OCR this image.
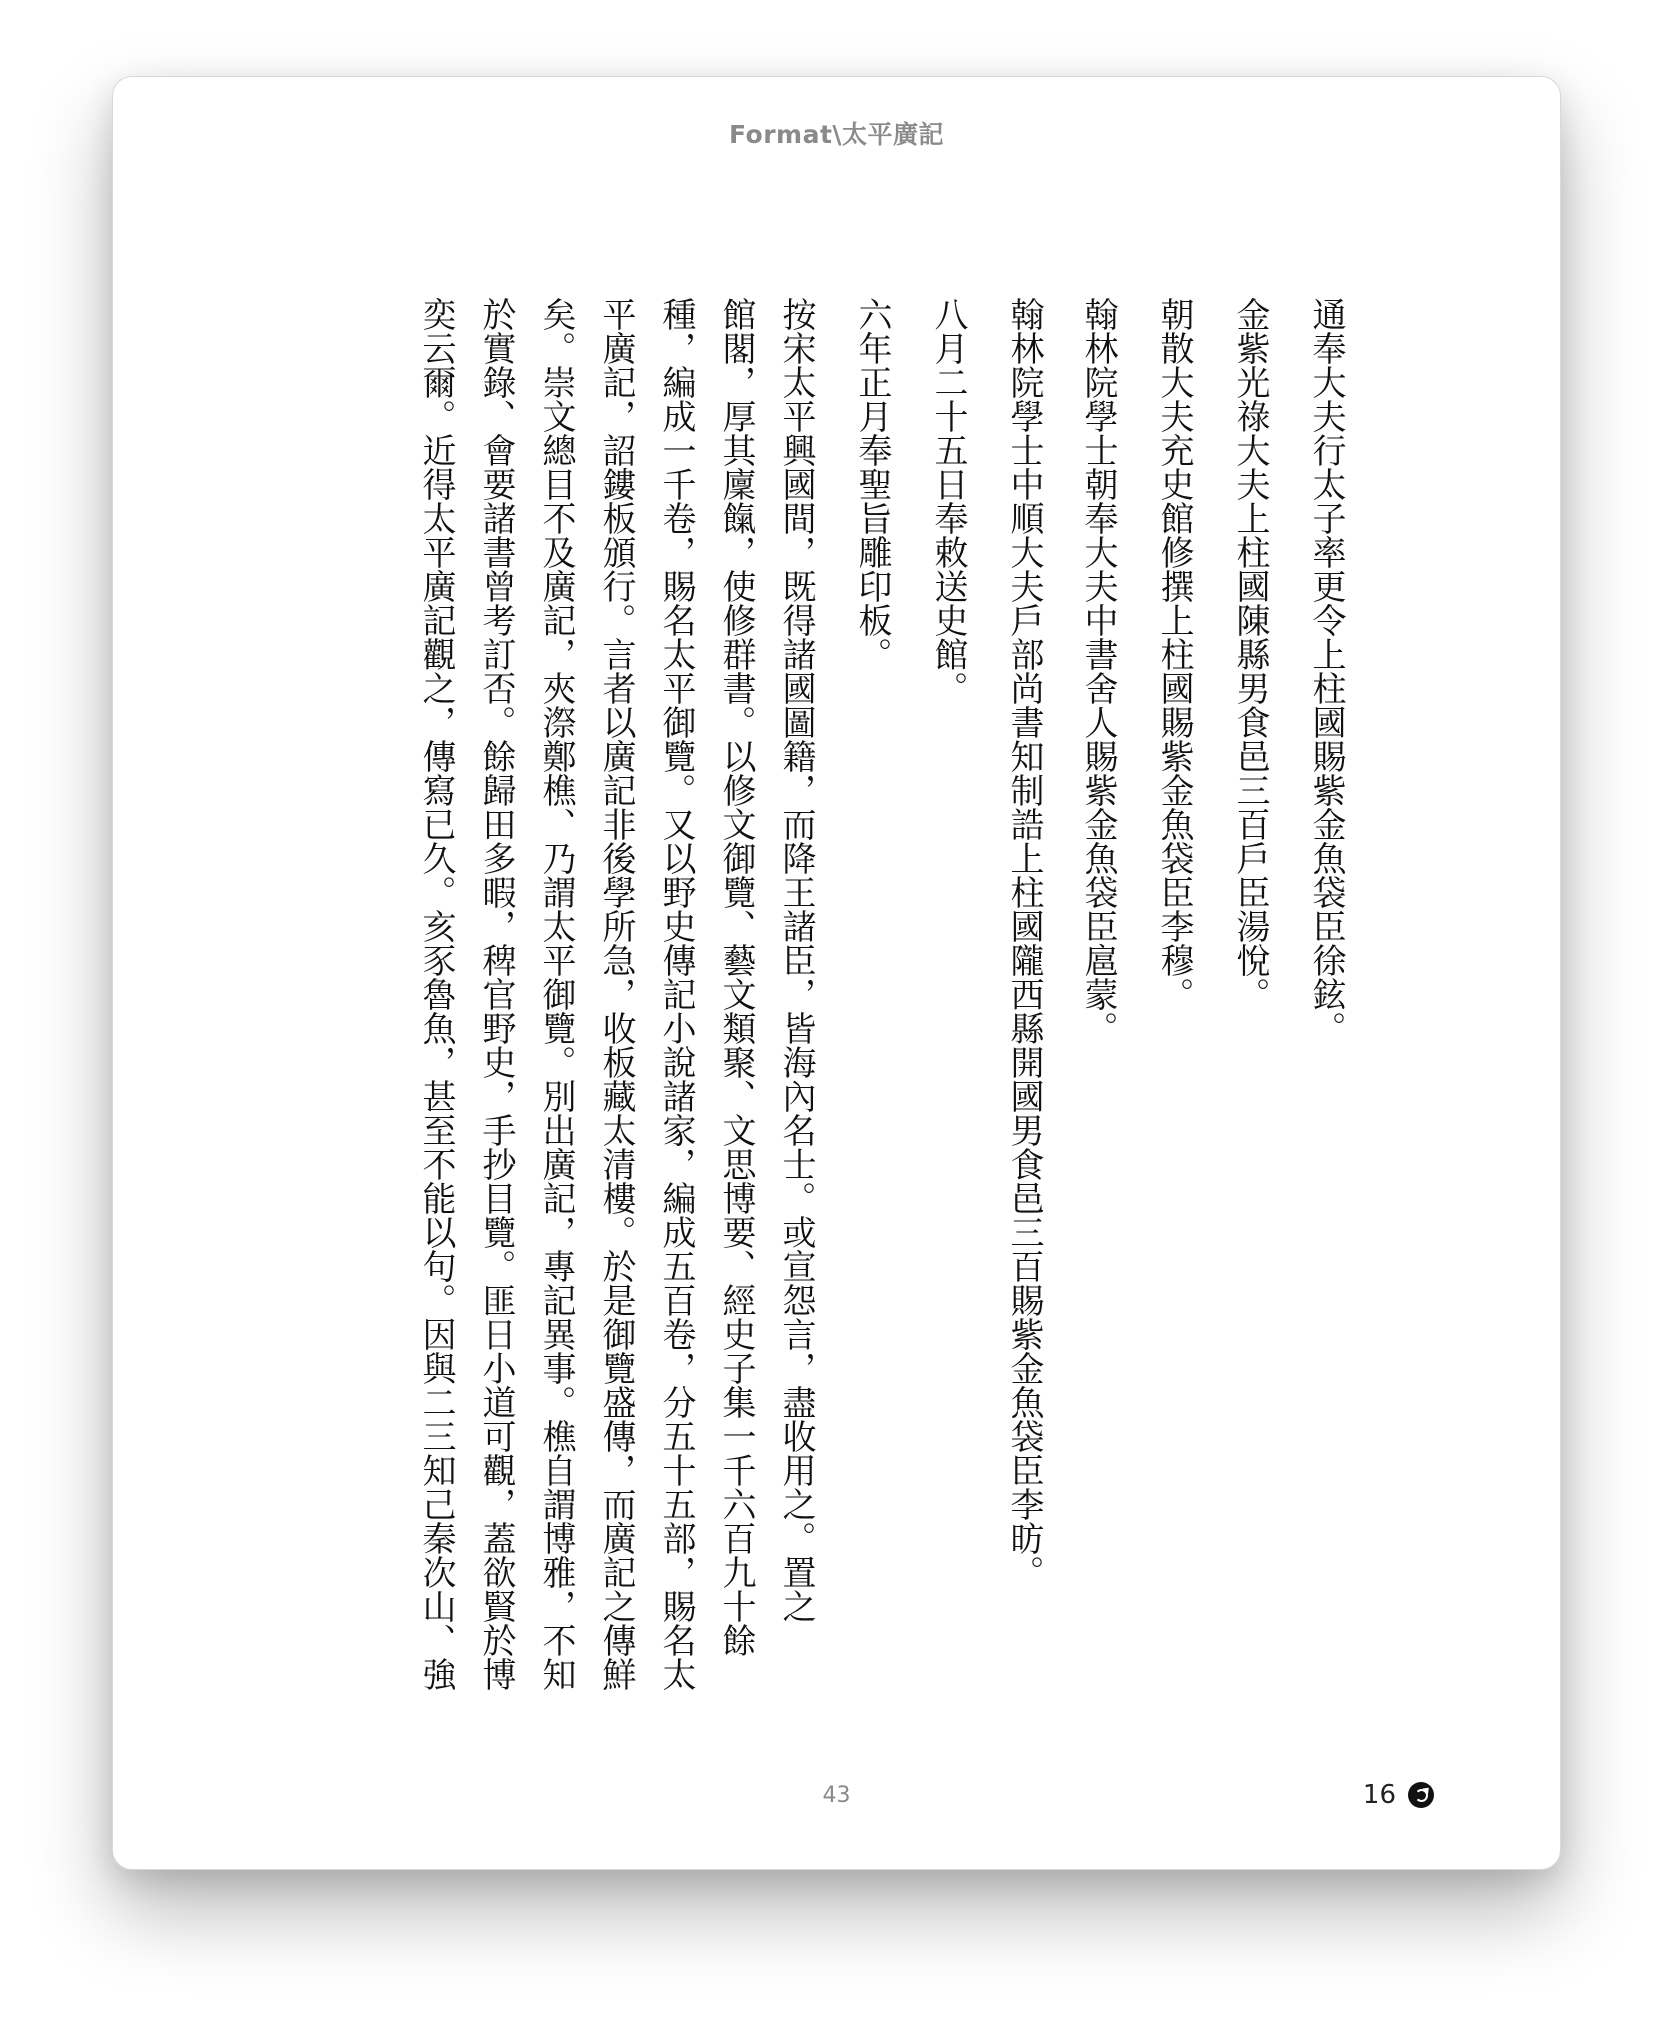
Format\太平廣記
通奉大夫行太子率更令上柱國賜紫金魚袋臣徐鉉。
金紫光祿大夫上柱國陳縣男食邑三百戶臣湯悅。
朝散大夫充史館修撰上柱國賜紫金魚袋臣李穆。
翰林院學士朝奉大夫中書舍人賜紫金魚袋臣扈蒙。
翰林院學士中順大夫戶部尚書知制誥上柱國隴西縣開國男食邑三百賜紫金魚袋臣李昉。
八月二十五日奉敕送史館。
六年正月奉聖旨雕印板。
按宋太平興國間，既得諸國圖籍，而降王諸臣，皆海內名士。或宣怨言，盡收用之。置之
館閣，厚其廩餼，使修群書。以修文御覽、藝文類聚、文思博要、經史子集一千六百九十餘
種，編成一千卷，賜名太平御覽。又以野史傳記小說諸家，編成五百卷，分五十五部，賜名太
平廣記，詔鏤板頒行。言者以廣記非後學所急，收板藏太清樓。於是御覽盛傳，而廣記之傳鮮
矣。崇文總目不及廣記，夾漈鄭樵、乃謂太平御覽。別出廣記，專記異事。樵自謂博雅，不知
於實錄、會要諸書曾考訂否。餘歸田多暇，稗官野史，手抄目覽。匪日小道可觀，蓋欲賢於博
奕云爾。近得太平廣記觀之，傳寫已久。亥豕魯魚，甚至不能以句。因與二三知己秦次山、強
43	16
